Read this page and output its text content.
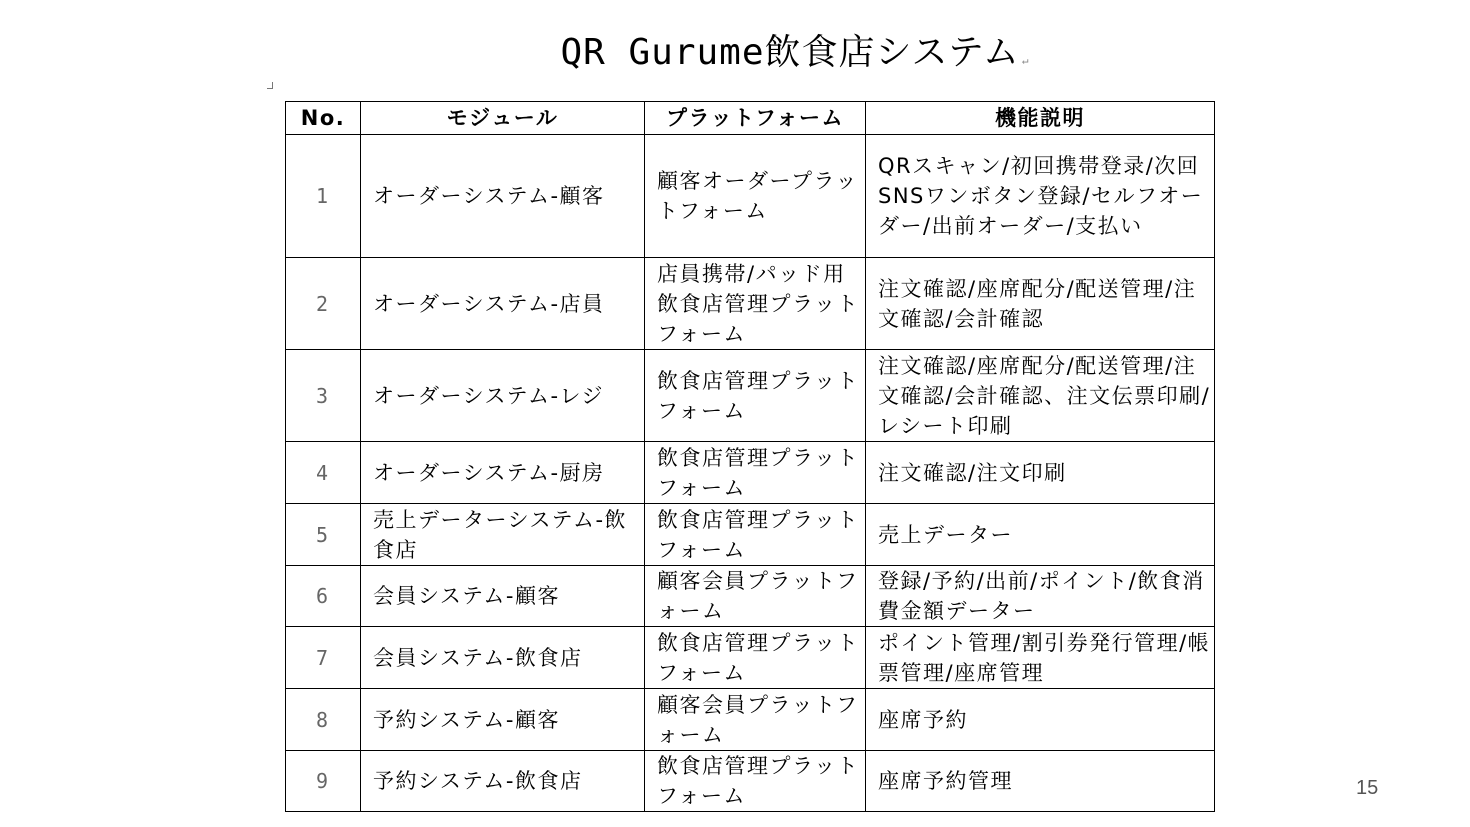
QR Gurume飲食店システム ↵
No.	モジュール	プラットフォーム	機能説明
1	オーダーシステム-顧客	顧客オーダープラットフォーム	QRスキャン/初回携帯登录/次回SNSワンボタン登録/セルフオーダー/出前オーダー/支払い
2	オーダーシステム-店員	店員携帯/パッド用飲食店管理プラットフォーム	注文確認/座席配分/配送管理/注文確認/会計確認
3	オーダーシステム-レジ	飲食店管理プラットフォーム	注文確認/座席配分/配送管理/注文確認/会計確認、注文伝票印刷/レシート印刷
4	オーダーシステム-厨房	飲食店管理プラットフォーム	注文確認/注文印刷
5	売上データーシステム-飲食店	飲食店管理プラットフォーム	売上データー
6	会員システム-顧客	顧客会員プラットフォーム	登録/予約/出前/ポイント/飲食消費金額データー
7	会員システム-飲食店	飲食店管理プラットフォーム	ポイント管理/割引券発行管理/帳票管理/座席管理
8	予約システム-顧客	顧客会員プラットフォーム	座席予約
9	予約システム-飲食店	飲食店管理プラットフォーム	座席予約管理	15
